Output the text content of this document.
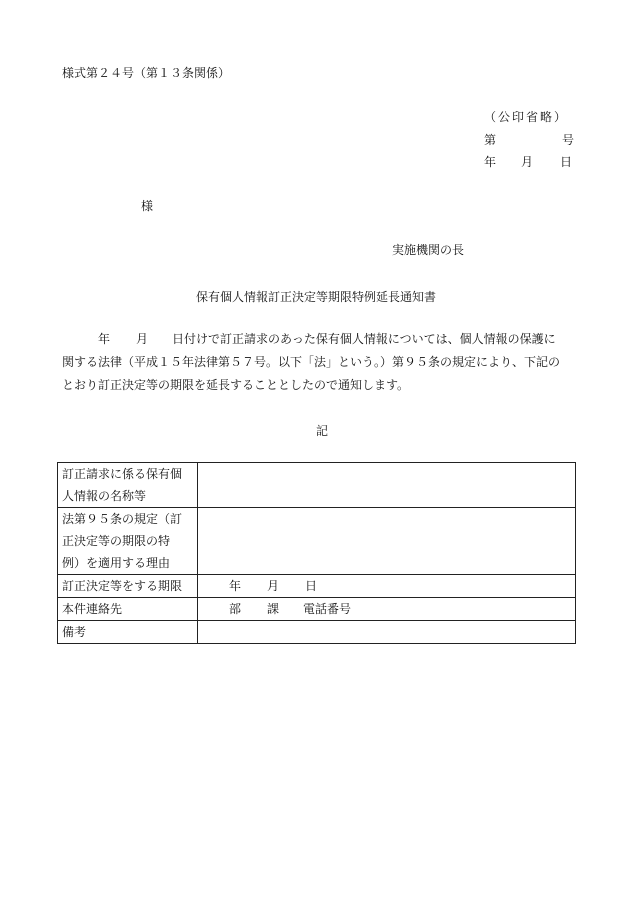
様式第２４号（第１３条関係）
（公印省略）
第	号
年 月 日
様
実施機関の長
保有個人情報訂正決定等期限特例延長通知書
年 月 日付けで訂正請求のあった保有個人情報については、個人情報の保護に
関する法律（平成１５年法律第５７号。以下「法」という。）第９５条の規定により、下記の
とおり訂正決定等の期限を延長することとしたので通知します。
記
訂正請求に係る保有個
人情報の名称等	
法第９５条の規定（訂
正決定等の期限の特
例）を適用する理由	
訂正決定等をする期限	年 月 日
本件連絡先	部 課 電話番号
備考	
